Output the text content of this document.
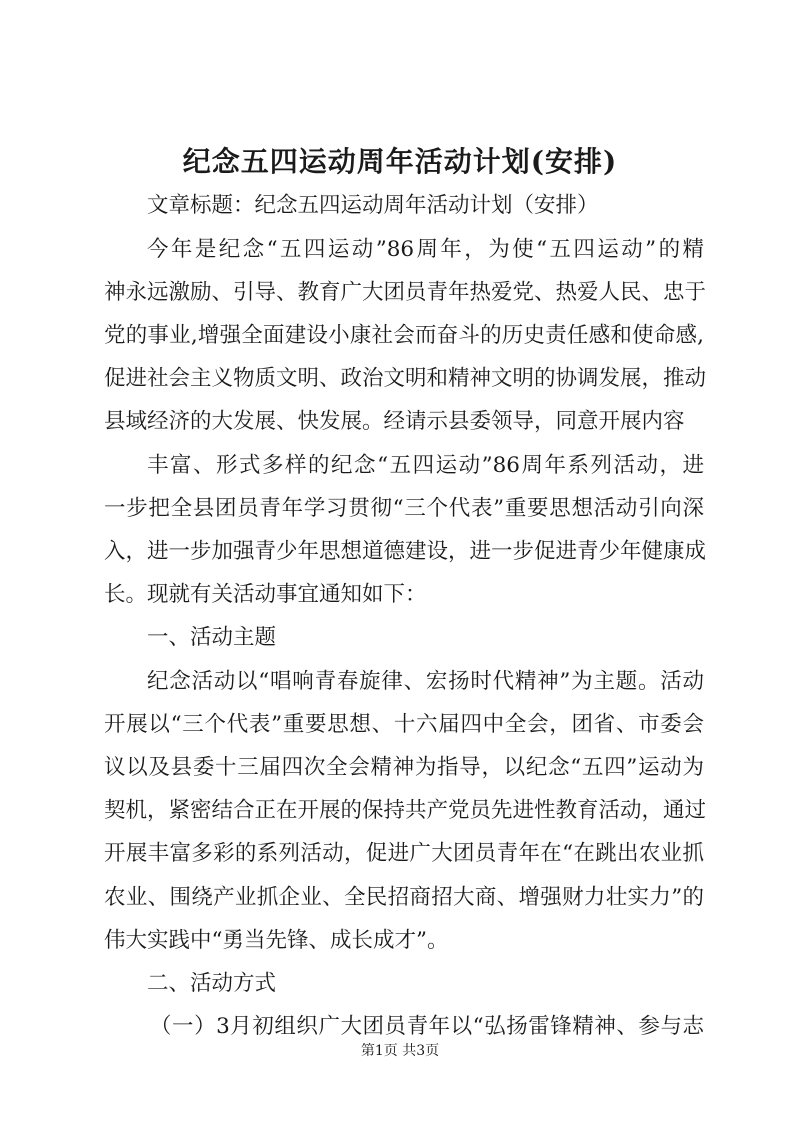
纪念五四运动周年活动计划(安排)

文章标题：纪念五四运动周年活动计划（安排）

今年是纪念“五四运动”86周年，为使“五四运动”的精

神永远激励、引导、教育广大团员青年热爱党、热爱人民、忠于

党的事业,增强全面建设小康社会而奋斗的历史责任感和使命感,

促进社会主义物质文明、政治文明和精神文明的协调发展，推动

县域经济的大发展、快发展。经请示县委领导，同意开展内容

丰富、形式多样的纪念“五四运动”86周年系列活动，进

一步把全县团员青年学习贯彻“三个代表”重要思想活动引向深

入，进一步加强青少年思想道德建设，进一步促进青少年健康成

长。现就有关活动事宜通知如下：

一、活动主题

纪念活动以“唱响青春旋律、宏扬时代精神”为主题。活动

开展以“三个代表”重要思想、十六届四中全会，团省、市委会

议以及县委十三届四次全会精神为指导，以纪念“五四”运动为

契机，紧密结合正在开展的保持共产党员先进性教育活动，通过

开展丰富多彩的系列活动，促进广大团员青年在“在跳出农业抓

农业、围绕产业抓企业、全民招商招大商、增强财力壮实力”的

伟大实践中“勇当先锋、成长成才”。

二、活动方式

（一）3月初组织广大团员青年以“弘扬雷锋精神、参与志

第1页 共3页
